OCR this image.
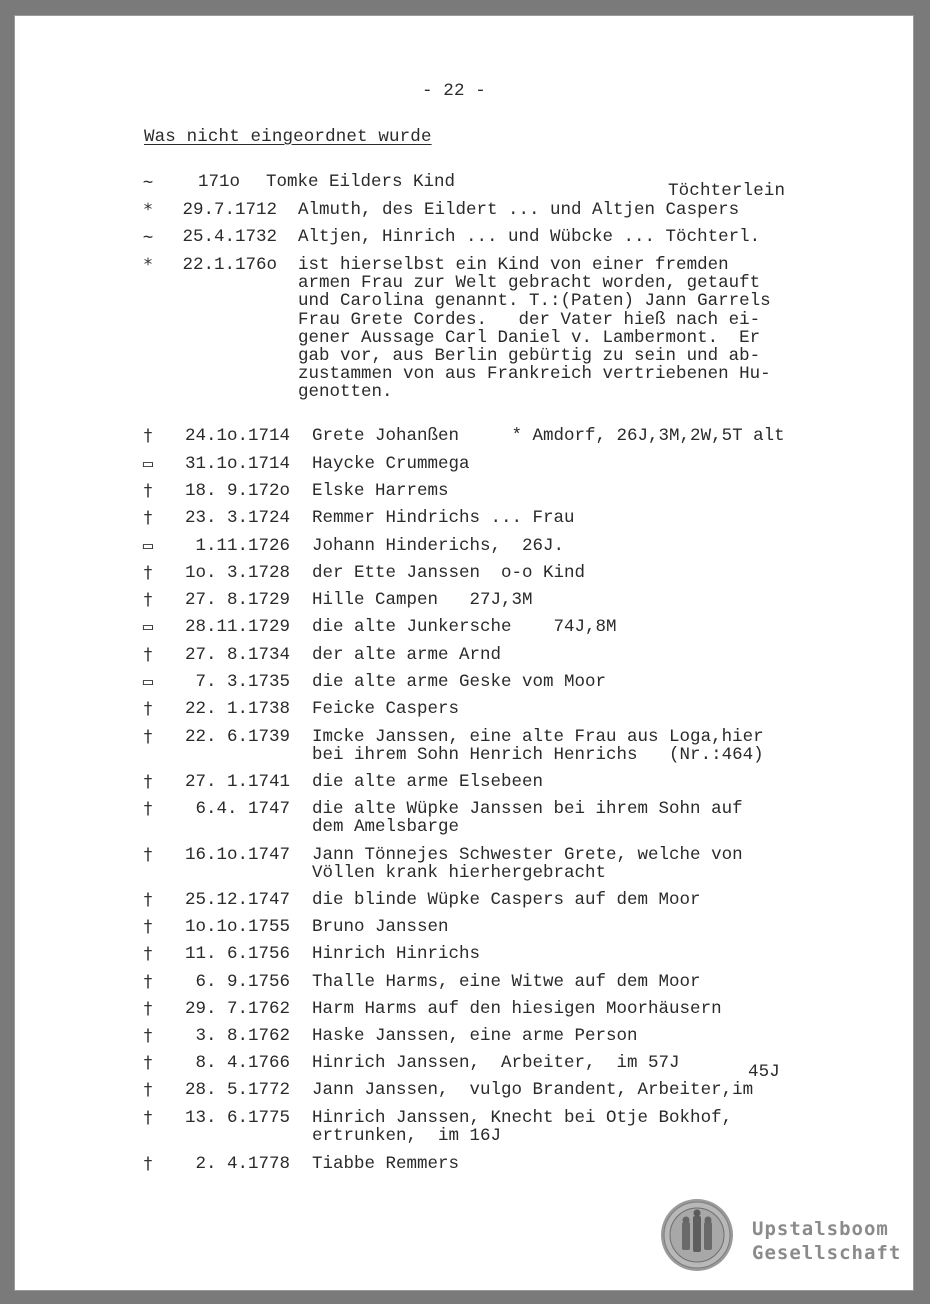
- 22 -
Was nicht eingeordnet wurde
Töchterlein
45J
~	171o Tomke Eilders Kind
*	29.7.1712 Almuth, des Eildert ... und Altjen Caspers
~	25.4.1732 Altjen, Hinrich ... und Wübcke ... Töchterl.
*	22.1.176o ist hierselbst ein Kind von einer fremden
armen Frau zur Welt gebracht worden, getauft
und Carolina genannt. T.:(Paten) Jann Garrels
Frau Grete Cordes.   der Vater hieß nach ei-
gener Aussage Carl Daniel v. Lambermont.  Er
gab vor, aus Berlin gebürtig zu sein und ab-
zustammen von aus Frankreich vertriebenen Hu-
genotten.
†	24.1o.1714 Grete Johanßen     * Amdorf, 26J,3M,2W,5T alt
▭	31.1o.1714 Haycke Crummega
†	18. 9.172o Elske Harrems
†	23. 3.1724 Remmer Hindrichs ... Frau
▭	1.11.1726 Johann Hinderichs,  26J.
†	1o. 3.1728 der Ette Janssen  o-o Kind
†	27. 8.1729 Hille Campen   27J,3M
▭	28.11.1729 die alte Junkersche    74J,8M
†	27. 8.1734 der alte arme Arnd
▭	7. 3.1735 die alte arme Geske vom Moor
†	22. 1.1738 Feicke Caspers
†	22. 6.1739 Imcke Janssen, eine alte Frau aus Loga,hier
bei ihrem Sohn Henrich Henrichs   (Nr.:464)
†	27. 1.1741 die alte arme Elsebeen
†	6.4. 1747 die alte Wüpke Janssen bei ihrem Sohn auf
dem Amelsbarge
†	16.1o.1747 Jann Tönnejes Schwester Grete, welche von
Völlen krank hierhergebracht
†	25.12.1747 die blinde Wüpke Caspers auf dem Moor
†	1o.1o.1755 Bruno Janssen
†	11. 6.1756 Hinrich Hinrichs
†	6. 9.1756 Thalle Harms, eine Witwe auf dem Moor
†	29. 7.1762 Harm Harms auf den hiesigen Moorhäusern
†	3. 8.1762 Haske Janssen, eine arme Person
†	8. 4.1766 Hinrich Janssen,  Arbeiter,  im 57J
†	28. 5.1772 Jann Janssen,  vulgo Brandent, Arbeiter,im
†	13. 6.1775 Hinrich Janssen, Knecht bei Otje Bokhof,
ertrunken,  im 16J
†	2. 4.1778 Tiabbe Remmers
Upstalsboom
Gesellschaft
